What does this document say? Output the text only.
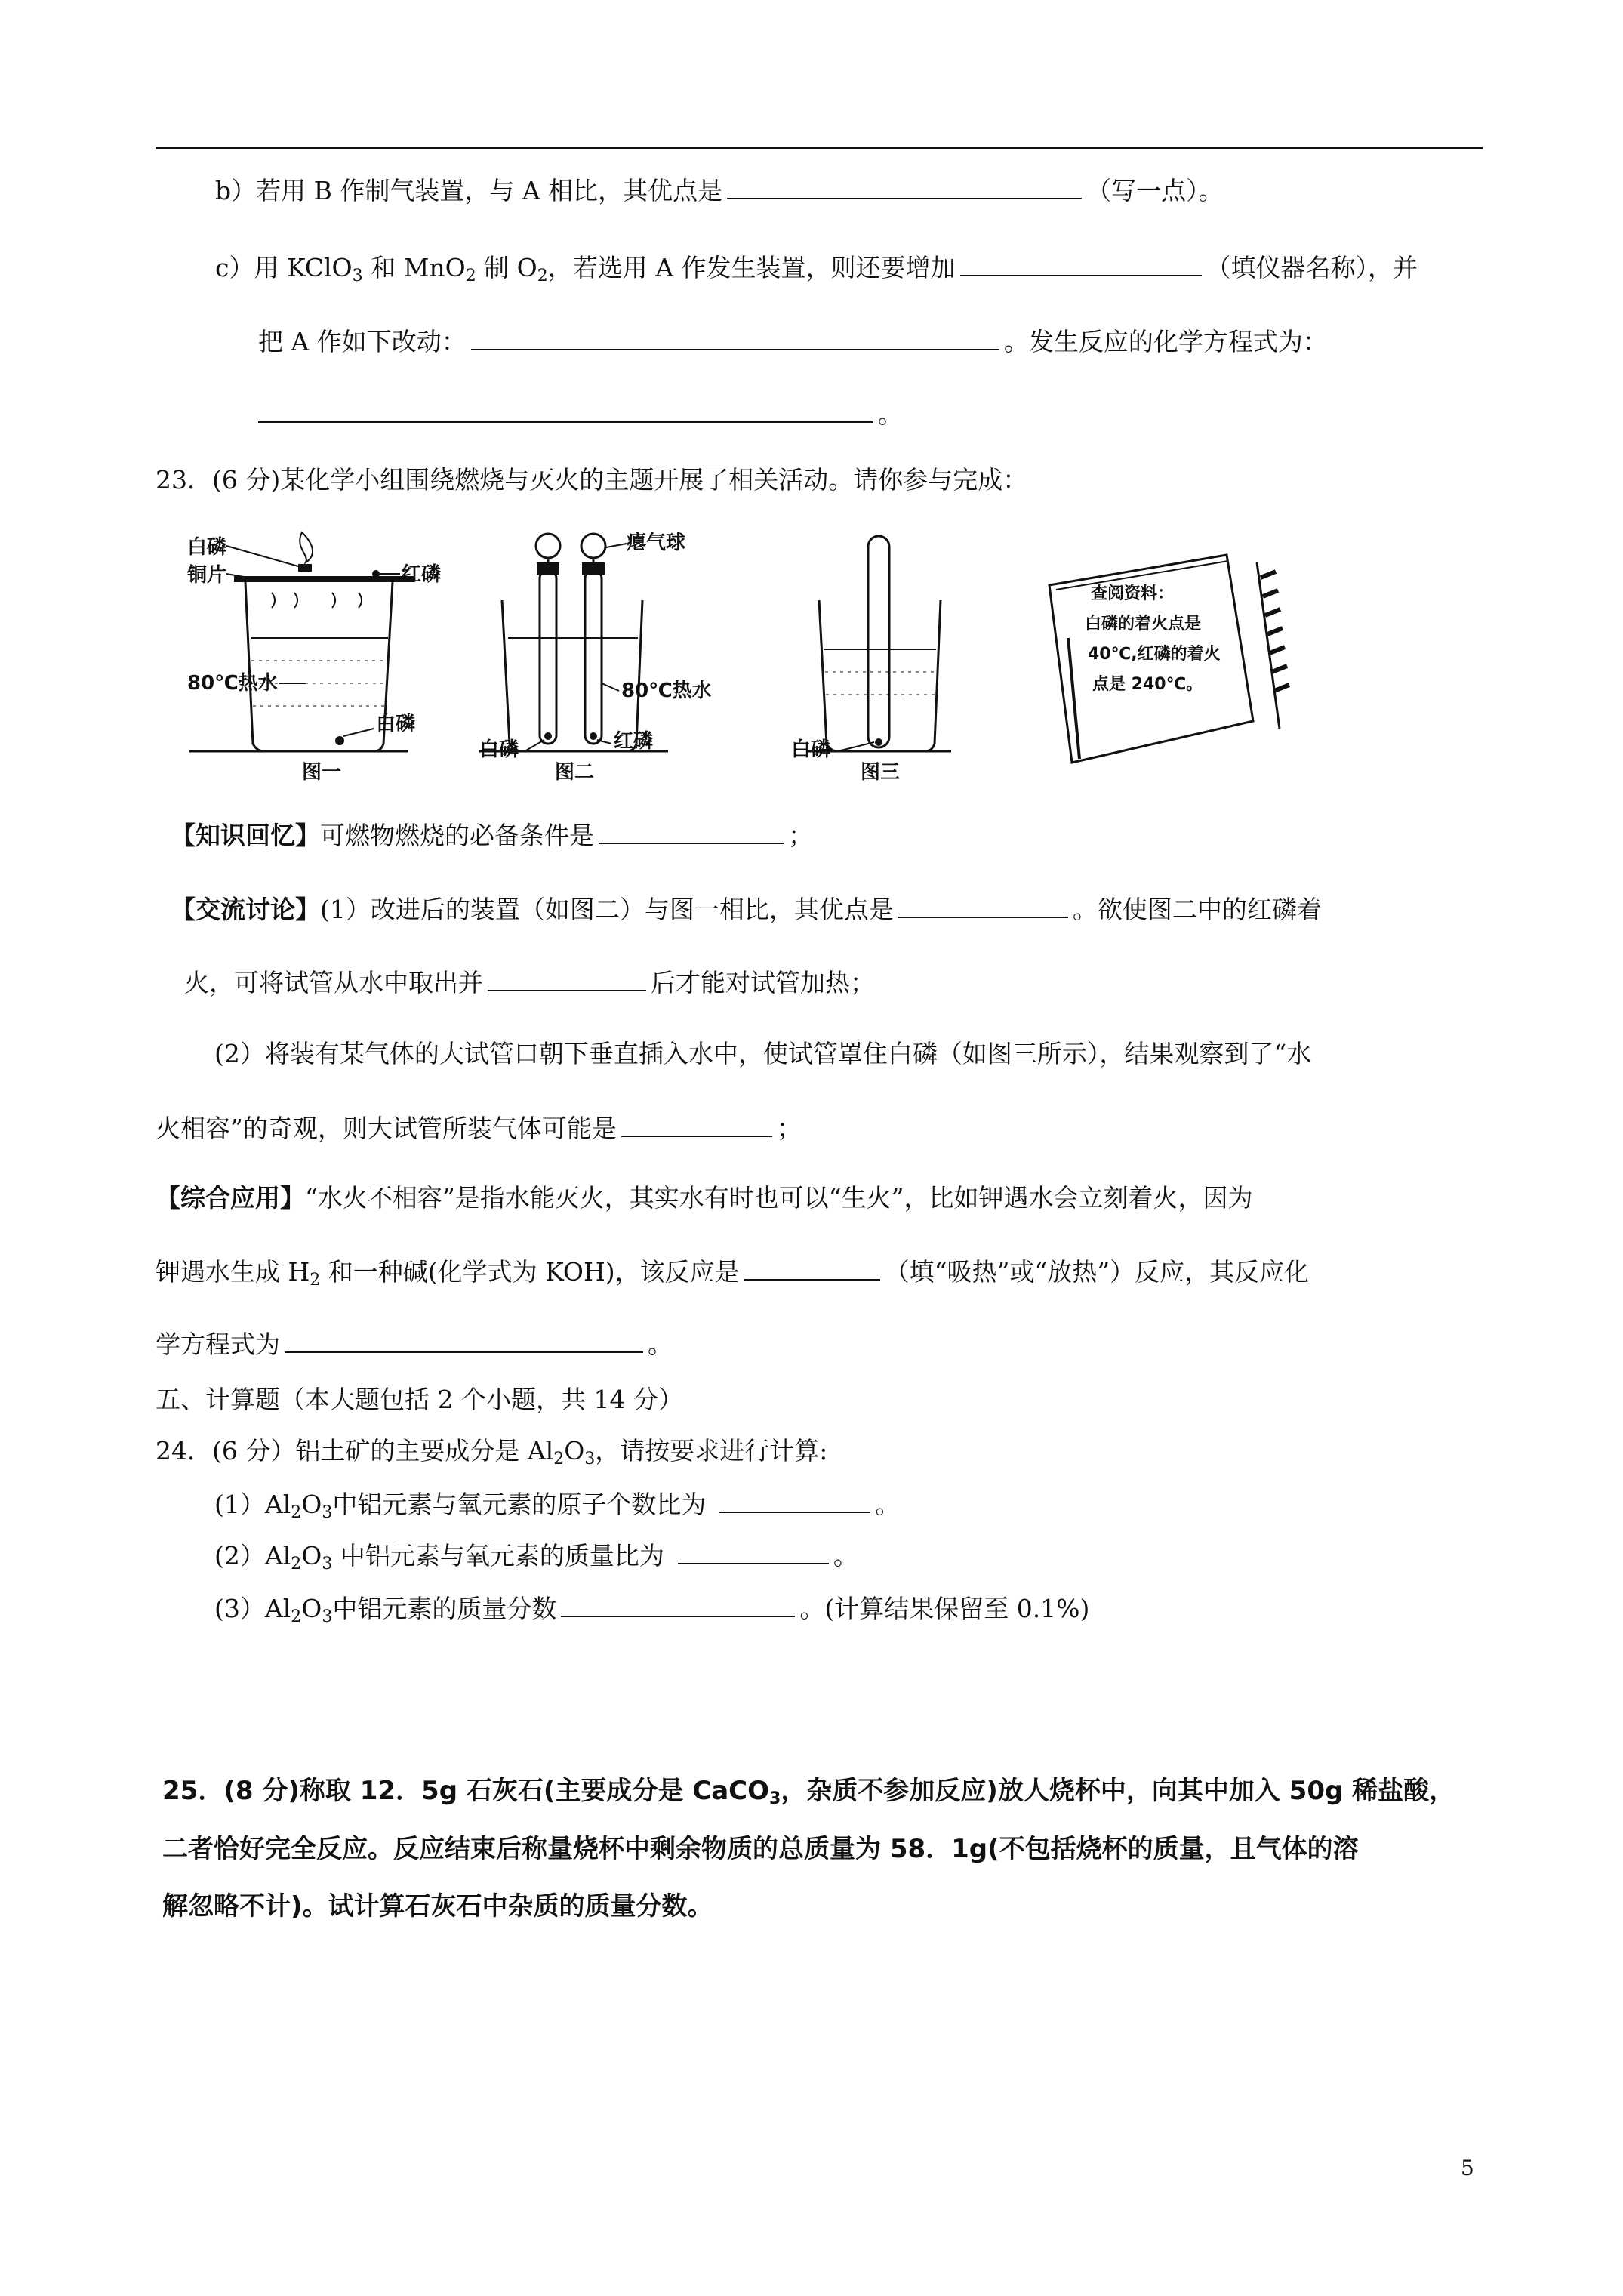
b）若用 B 作制气装置，与 A 相比，其优点是	（写一点）。
c）用 KClO$_3$ 和 MnO$_2$ 制 $O_2$，若选用 A 作发生装置，则还要增加	（填仪器名称），并
把 A 作如下改动：	。发生反应的化学方程式为：
。
23．(6 分)某化学小组围绕燃烧与灭火的主题开展了相关活动。请你参与完成：
白磷
铜片	红磷
80℃热水
白磷
图一
瘪气球
80℃热水
白磷	红磷
图二
白磷
图三
查阅资料：
白磷的着火点是
40℃,红磷的着火
点是 240℃。
【知识回忆】可燃物燃烧的必备条件是	；
【交流讨论】(1）改进后的装置（如图二）与图一相比，其优点是	。欲使图二中的红磷着
火，可将试管从水中取出并	后才能对试管加热；
(2）将装有某气体的大试管口朝下垂直插入水中，使试管罩住白磷（如图三所示），结果观察到了“水
火相容”的奇观，则大试管所装气体可能是	；
【综合应用】“水火不相容”是指水能灭火，其实水有时也可以“生火”，比如钾遇水会立刻着火，因为
钾遇水生成 $H_2$ 和一种碱(化学式为 KOH)，该反应是	（填“吸热”或“放热”）反应，其反应化
学方程式为	。
五、计算题（本大题包括 2 个小题，共 14 分）
24．(6 分）铝土矿的主要成分是 $Al_2O_3$，请按要求进行计算:
$(1)Al_2O_3$中铝元素与氧元素的原子个数比为	。
$(2)Al_2O_3$ 中铝元素与氧元素的质量比为	。
$(3)Al_2O_3$中铝元素的质量分数	。(计算结果保留至 0.1%)
25．(8 分)称取 12．5g 石灰石(主要成分是 CaCO$_3$，杂质不参加反应)放人烧杯中，向其中加入 50g 稀盐酸，
二者恰好完全反应。反应结束后称量烧杯中剩余物质的总质量为 58．1g(不包括烧杯的质量，且气体的溶
解忽略不计)。试计算石灰石中杂质的质量分数。
5
